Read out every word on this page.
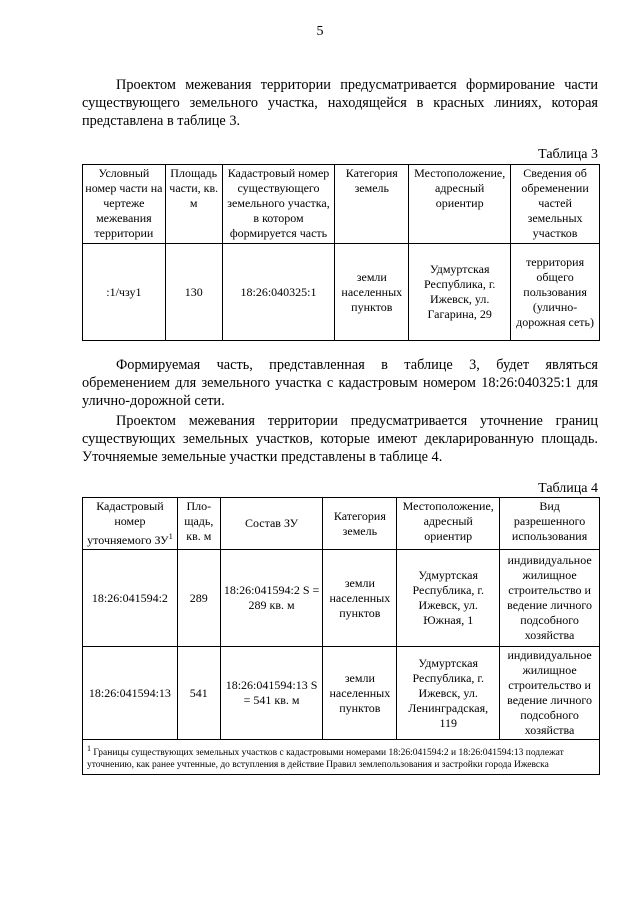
5

Проектом межевания территории предусматривается формирование части существующего земельного участка, находящейся в красных линиях, которая представлена в таблице 3.

Таблица 3
Условный номер части на чертеже межевания территории	Площадь части, кв. м	Кадастровый номер существующего земельного участка, в котором формируется часть	Категория земель	Местоположение, адресный ориентир	Сведения об обременении частей земельных участков
:1/чзу1	130	18:26:040325:1	земли населенных пунктов	Удмуртская Республика, г. Ижевск, ул. Гагарина, 29	территория общего пользования (улично-дорожная сеть)

Формируемая часть, представленная в таблице 3, будет являться обременением для земельного участка с кадастровым номером 18:26:040325:1 для улично-дорожной сети.

Проектом межевания территории предусматривается уточнение границ существующих земельных участков, которые имеют декларированную площадь. Уточняемые земельные участки представлены в таблице 4.

Таблица 4
Кадастровый номер уточняемого $ЗУ^1$	Пло-щадь, кв. м	Состав ЗУ	Категория земель	Местоположение, адресный ориентир	Вид разрешенного использования
18:26:041594:2	289	18:26:041594:2 S = 289 кв. м	земли населенных пунктов	Удмуртская Республика, г. Ижевск, ул. Южная, 1	индивидуальное жилищное строительство и ведение личного подсобного хозяйства
18:26:041594:13	541	18:26:041594:13 S = 541 кв. м	земли населенных пунктов	Удмуртская Республика, г. Ижевск, ул. Ленинградская, 119	индивидуальное жилищное строительство и ведение личного подсобного хозяйства
$^1$ Границы существующих земельных участков с кадастровыми номерами 18:26:041594:2 и 18:26:041594:13 подлежат уточнению, как ранее учтенные, до вступления в действие Правил землепользования и застройки города Ижевска					
